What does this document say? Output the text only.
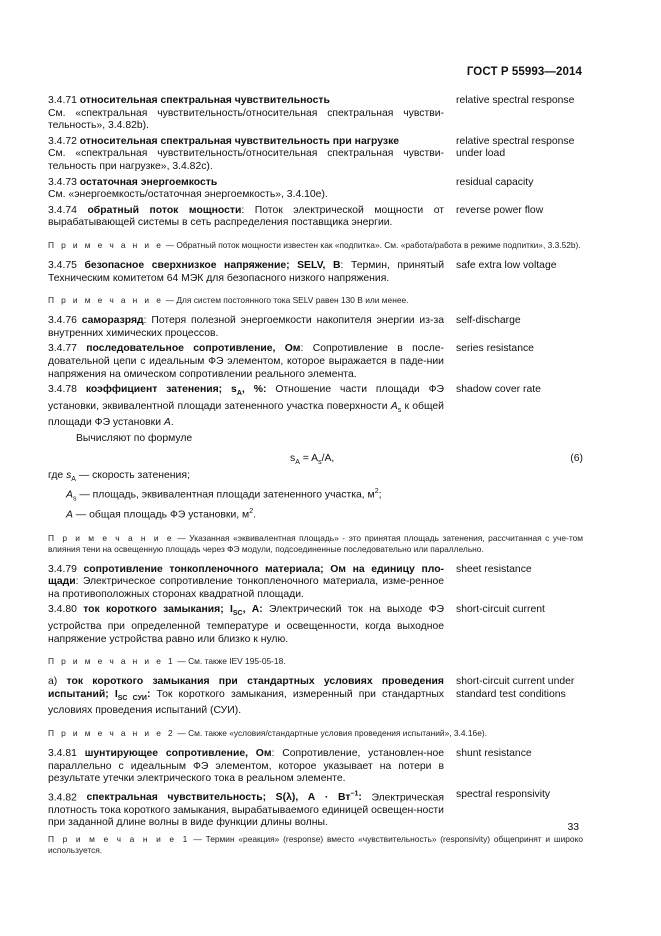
ГОСТ Р 55993—2014
3.4.71 относительная спектральная чувствительность
См. «спектральная чувствительность/относительная спектральная чувстви-тельность», 3.4.82b).
relative spectral response
3.4.72 относительная спектральная чувствительность при нагрузке
См. «спектральная чувствительность/относительная спектральная чувстви-тельность при нагрузке», 3.4.82c).
relative spectral response under load
3.4.73 остаточная энергоемкость
См. «энергоемкость/остаточная энергоемкость», 3.4.10e).
residual capacity
3.4.74 обратный поток мощности: Поток электрической мощности от вырабатывающей системы в сеть распределения поставщика энергии.
reverse power flow
П р и м е ч а н и е — Обратный поток мощности известен как «подпитка». См. «работа/работа в режиме подпитки», 3.3.52b).
3.4.75 безопасное сверхнизкое напряжение; SELV, В: Термин, принятый Техническим комитетом 64 МЭК для безопасного низкого напряжения.
safe extra low voltage
П р и м е ч а н и е — Для систем постоянного тока SELV равен 130 В или менее.
3.4.76 саморазряд: Потеря полезной энергоемкости накопителя энергии из-за внутренних химических процессов.
self-discharge
3.4.77 последовательное сопротивление, Ом: Сопротивление в после-довательной цепи с идеальным ФЭ элементом, которое выражается в паде-нии напряжения на омическом сопротивлении реального элемента.
series resistance
3.4.78 коэффициент затенения; $s_A$, %: Отношение части площади ФЭ установки, эквивалентной площади затененного участка поверхности $A_s$ к общей площади ФЭ установки A.
shadow cover rate
Вычисляют по формуле
$s_A = A_s/A$,	(6)
где $s_A$ — скорость затенения;
$A_s$ — площадь, эквивалентная площади затененного участка, $м^2$;
A — общая площадь ФЭ установки, $м^2$.
П р и м е ч а н и е — Указанная «эквивалентная площадь» - это принятая площадь затенения, рассчитанная с уче-том влияния тени на освещенную площадь через ФЭ модули, подсоединенные последовательно или параллельно.
3.4.79 сопротивление тонкопленочного материала; Ом на единицу пло-щади: Электрическое сопротивление тонкопленочного материала, изме-ренное на противоположных сторонах квадратной площади.
sheet resistance
3.4.80 ток короткого замыкания; $I_{SC}$, А: Электрический ток на выходе ФЭ устройства при определенной температуре и освещенности, когда выходное напряжение устройства равно или близко к нулю.
short-circuit current
П р и м е ч а н и е 1 — См. также IEV 195-05-18.
а) ток короткого замыкания при стандартных условиях проведения испытаний; $I_{SC СУИ}$: Ток короткого замыкания, измеренный при стандартных условиях проведения испытаний (СУИ).
short-circuit current under standard test conditions
П р и м е ч а н и е 2 — См. также «условия/стандартные условия проведения испытаний», 3.4.16e).
3.4.81 шунтирующее сопротивление, Ом: Сопротивление, установлен-ное параллельно с идеальным ФЭ элементом, которое указывает на потери в результате утечки электрического тока в реальном элементе.
shunt resistance
3.4.82 спектральная чувствительность; S(λ), $А \cdot Вт^{-1}$: Электрическая плотность тока короткого замыкания, вырабатываемого единицей освещен-ности при заданной длине волны в виде функции длины волны.
spectral responsivity
П р и м е ч а н и е 1 — Термин «реакция» (response) вместо «чувствительность» (responsivity) общепринят и широко используется.
33
